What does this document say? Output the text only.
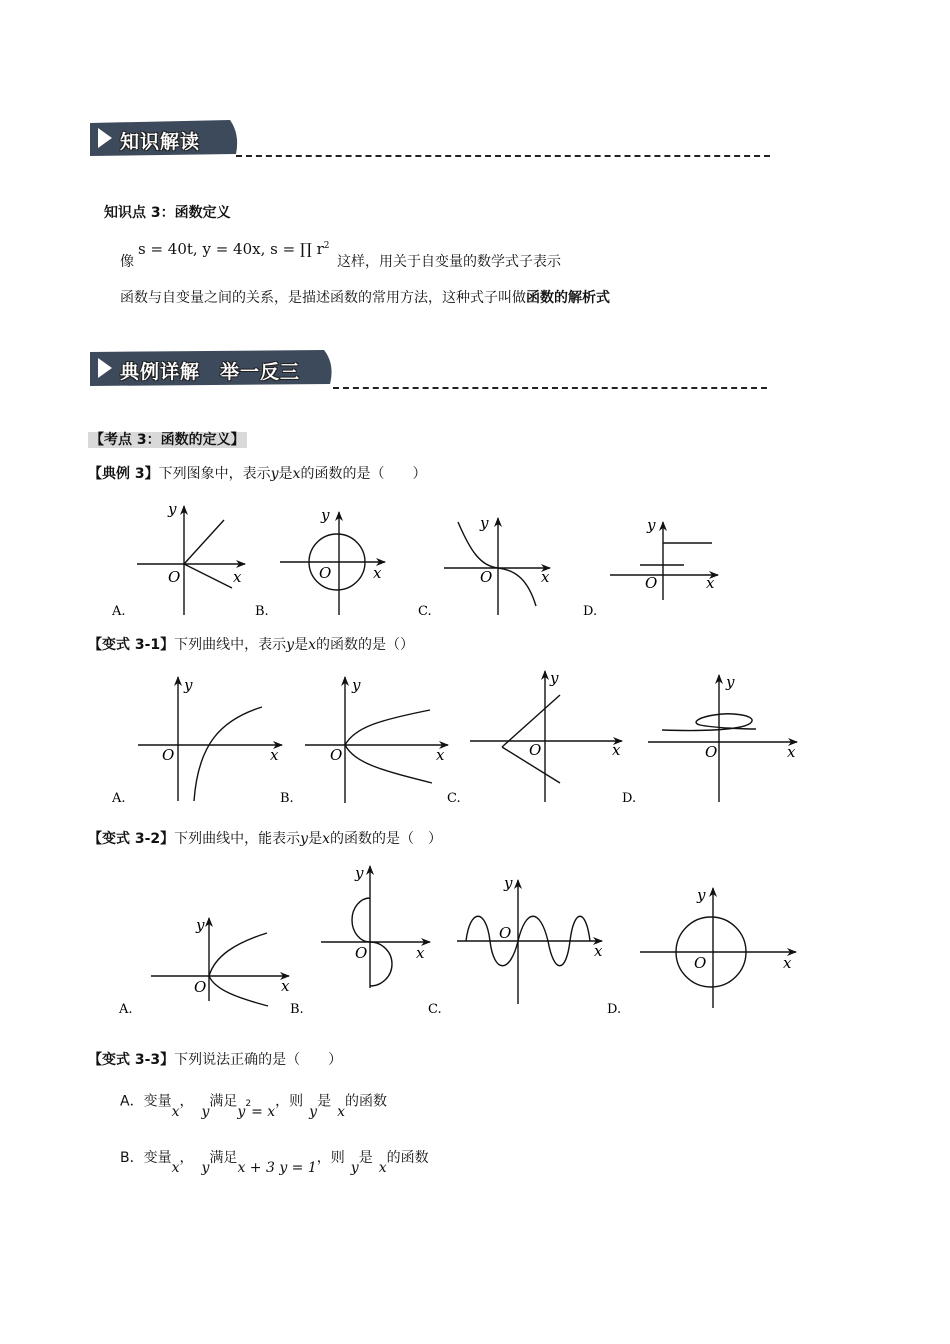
知识解读
知识点 3：函数定义
像
s = 40t, y = 40x, s = ∏ $r^2$
这样，用关于自变量的数学式子表示
函数与自变量之间的关系，是描述函数的常用方法，这种式子叫做函数的解析式
典例详解　举一反三
【考点 3：函数的定义】
【典例 3】下列图象中，表示y是x的函数的是（　　）
x
y
O
A.
x
y
O
B.
x
y
O
C.
x
y
O
D.
【变式 3-1】下列曲线中，表示y是x的函数的是（）
x
y
O
A.
x
y
O
B.
x
y
O
C.
x
y
O
D.
【变式 3-2】下列曲线中，能表示y是x的函数的是（　）
x
y
O
A.
x
y
O
B.
x
y
O
C.
x
y
O
D.
【变式 3-3】下列说法正确的是（　　）
A．变量x，y满足$y^2= x$，则y是x的函数
B．变量x，y满足x + 3 y = 1，则y是x的函数
